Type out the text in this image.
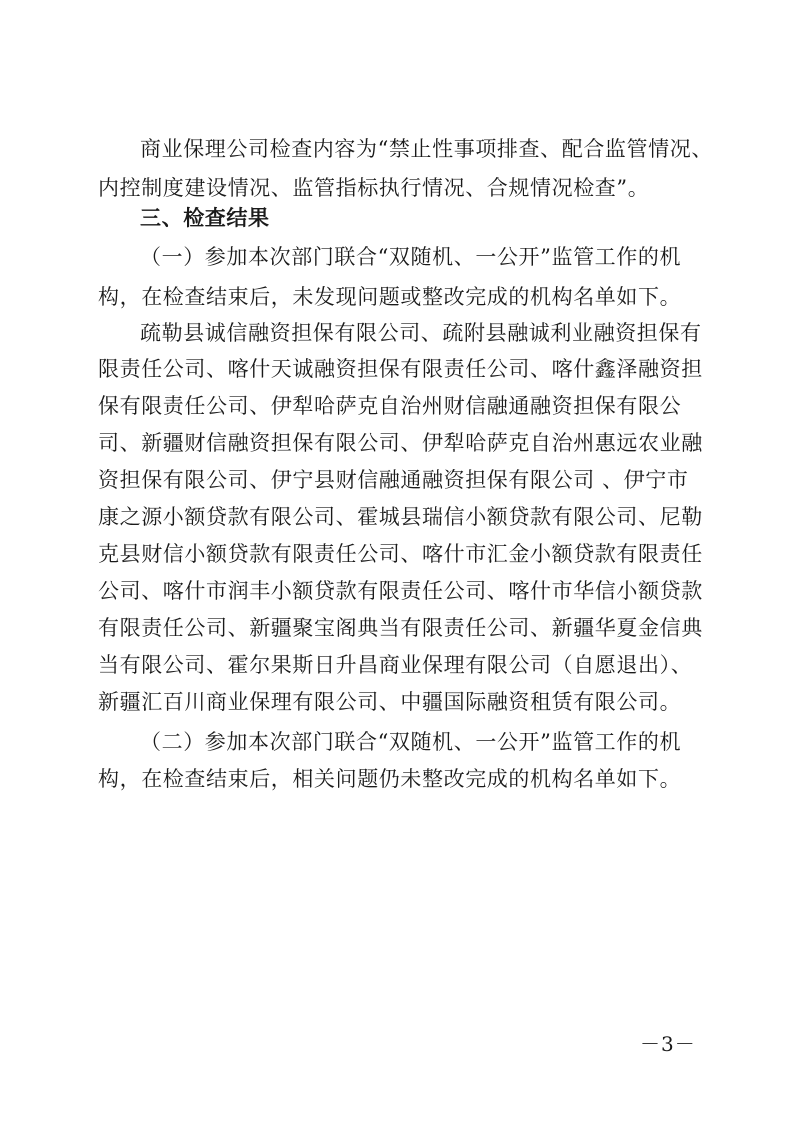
商业保理公司检查内容为“禁止性事项排查、配合监管情况、
内控制度建设情况、监管指标执行情况、合规情况检查”。
三、检查结果
（一）参加本次部门联合“双随机、一公开”监管工作的机
构，在检查结束后，未发现问题或整改完成的机构名单如下。
疏勒县诚信融资担保有限公司、疏附县融诚利业融资担保有
限责任公司、喀什天诚融资担保有限责任公司、喀什鑫泽融资担
保有限责任公司、伊犁哈萨克自治州财信融通融资担保有限公
司、新疆财信融资担保有限公司、伊犁哈萨克自治州惠远农业融
资担保有限公司、伊宁县财信融通融资担保有限公司 、伊宁市
康之源小额贷款有限公司、霍城县瑞信小额贷款有限公司、尼勒
克县财信小额贷款有限责任公司、喀什市汇金小额贷款有限责任
公司、喀什市润丰小额贷款有限责任公司、喀什市华信小额贷款
有限责任公司、新疆聚宝阁典当有限责任公司、新疆华夏金信典
当有限公司、霍尔果斯日升昌商业保理有限公司（自愿退出）、
新疆汇百川商业保理有限公司、中疆国际融资租赁有限公司。
（二）参加本次部门联合“双随机、一公开”监管工作的机
构，在检查结束后，相关问题仍未整改完成的机构名单如下。
－3－
